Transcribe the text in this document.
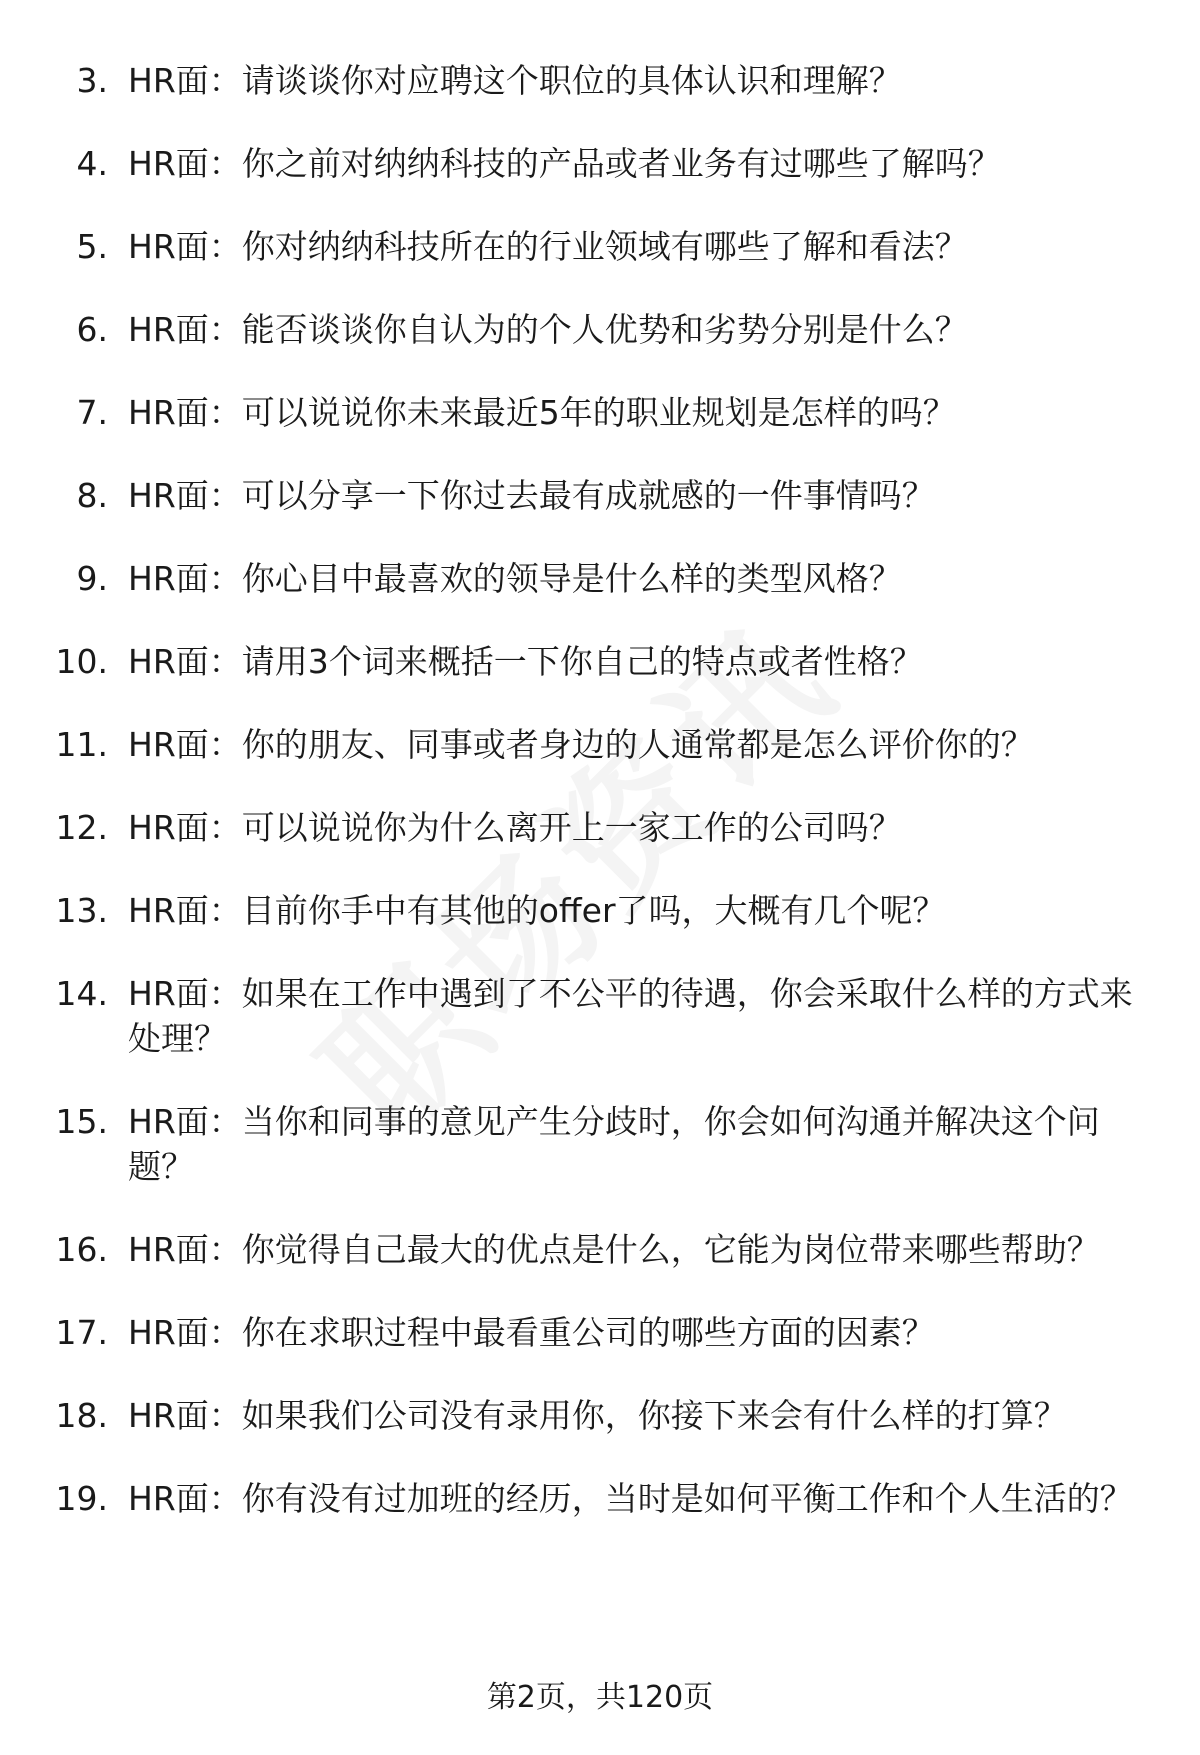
3. HR面：请谈谈你对应聘这个职位的具体认识和理解？
4. HR面：你之前对纳纳科技的产品或者业务有过哪些了解吗？
5. HR面：你对纳纳科技所在的行业领域有哪些了解和看法？
6. HR面：能否谈谈你自认为的个人优势和劣势分别是什么？
7. HR面：可以说说你未来最近5年的职业规划是怎样的吗？
8. HR面：可以分享一下你过去最有成就感的一件事情吗？
9. HR面：你心目中最喜欢的领导是什么样的类型风格？
10. HR面：请用3个词来概括一下你自己的特点或者性格？
11. HR面：你的朋友、同事或者身边的人通常都是怎么评价你的？
12. HR面：可以说说你为什么离开上一家工作的公司吗？
13. HR面：目前你手中有其他的offer了吗，大概有几个呢？
14. HR面：如果在工作中遇到了不公平的待遇，你会采取什么样的方式来处理？
15. HR面：当你和同事的意见产生分歧时，你会如何沟通并解决这个问题？
16. HR面：你觉得自己最大的优点是什么，它能为岗位带来哪些帮助？
17. HR面：你在求职过程中最看重公司的哪些方面的因素？
18. HR面：如果我们公司没有录用你，你接下来会有什么样的打算？
19. HR面：你有没有过加班的经历，当时是如何平衡工作和个人生活的？
第2页，共120页
